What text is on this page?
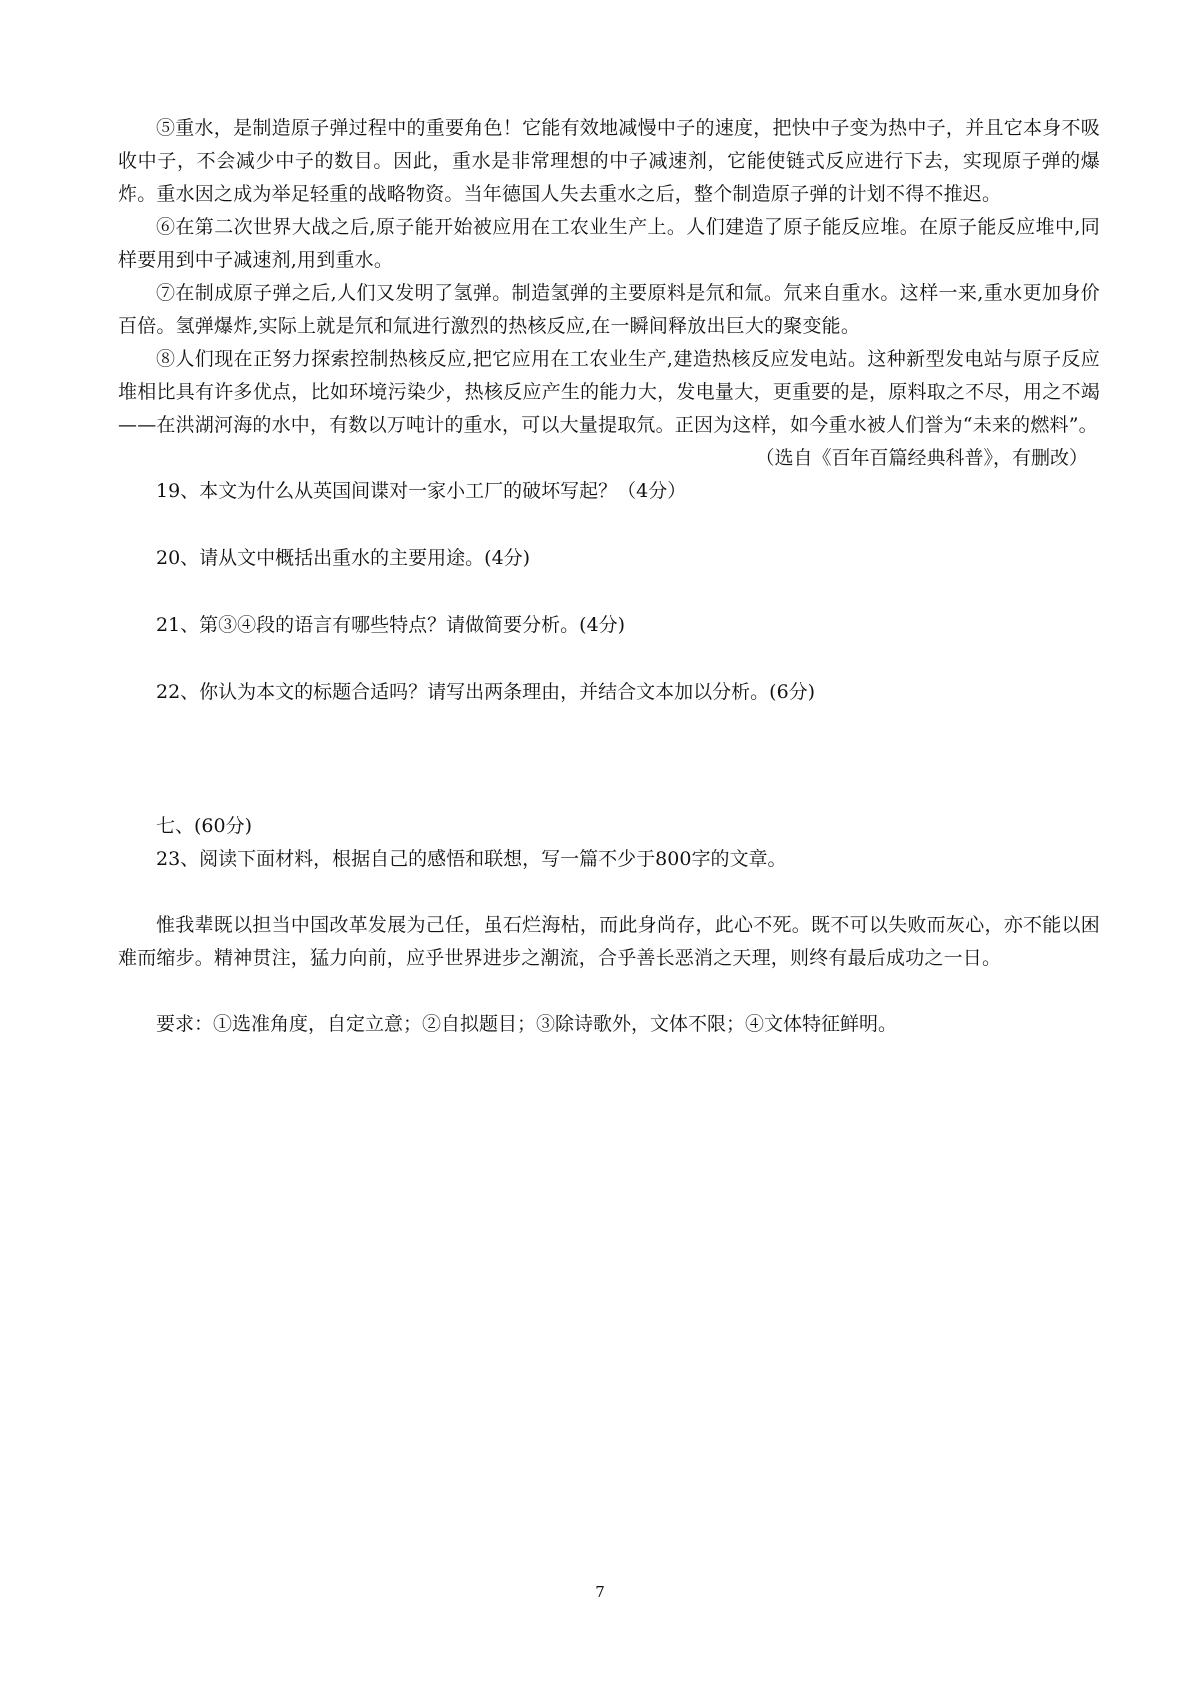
⑤重水，是制造原子弹过程中的重要角色！它能有效地减慢中子的速度，把快中子变为热中子，并且它本身不吸收中子，不会减少中子的数目。因此，重水是非常理想的中子减速剂，它能使链式反应进行下去，实现原子弹的爆炸。重水因之成为举足轻重的战略物资。当年德国人失去重水之后，整个制造原子弹的计划不得不推迟。

⑥在第二次世界大战之后,原子能开始被应用在工农业生产上。人们建造了原子能反应堆。在原子能反应堆中,同样要用到中子减速剂,用到重水。

⑦在制成原子弹之后,人们又发明了氢弹。制造氢弹的主要原料是氘和氚。氘来自重水。这样一来,重水更加身价百倍。氢弹爆炸,实际上就是氘和氚进行激烈的热核反应,在一瞬间释放出巨大的聚变能。

⑧人们现在正努力探索控制热核反应,把它应用在工农业生产,建造热核反应发电站。这种新型发电站与原子反应堆相比具有许多优点，比如环境污染少，热核反应产生的能力大，发电量大，更重要的是，原料取之不尽，用之不竭——在洪湖河海的水中，有数以万吨计的重水，可以大量提取氘。正因为这样，如今重水被人们誉为“未来的燃料”。

（选自《百年百篇经典科普》，有删改）

19、本文为什么从英国间谍对一家小工厂的破坏写起？（4分）

20、请从文中概括出重水的主要用途。(4分)

21、第③④段的语言有哪些特点？请做简要分析。(4分)

22、你认为本文的标题合适吗？请写出两条理由，并结合文本加以分析。(6分)

七、(60分)

23、阅读下面材料，根据自己的感悟和联想，写一篇不少于800字的文章。

惟我辈既以担当中国改革发展为己任，虽石烂海枯，而此身尚存，此心不死。既不可以失败而灰心，亦不能以困难而缩步。精神贯注，猛力向前，应乎世界进步之潮流，合乎善长恶消之天理，则终有最后成功之一日。

要求：①选准角度，自定立意；②自拟题目；③除诗歌外，文体不限；④文体特征鲜明。

7
